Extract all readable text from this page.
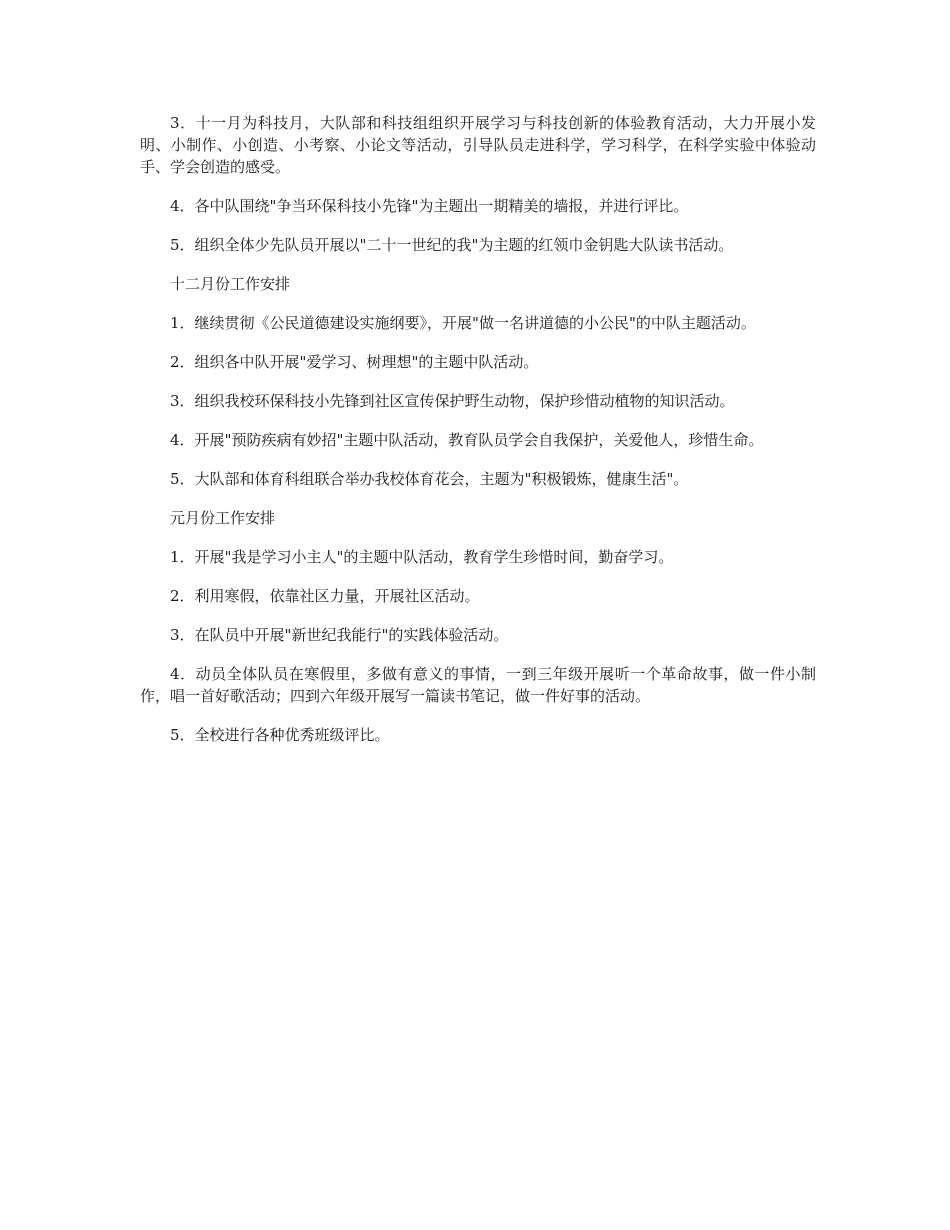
3．十一月为科技月，大队部和科技组组织开展学习与科技创新的体验教育活动，大力开展小发明、小制作、小创造、小考察、小论文等活动，引导队员走进科学，学习科学，在科学实验中体验动手、学会创造的感受。

4．各中队围绕"争当环保科技小先锋"为主题出一期精美的墙报，并进行评比。

5．组织全体少先队员开展以"二十一世纪的我"为主题的红领巾金钥匙大队读书活动。

十二月份工作安排

1．继续贯彻《公民道德建设实施纲要》，开展"做一名讲道德的小公民"的中队主题活动。

2．组织各中队开展"爱学习、树理想"的主题中队活动。

3．组织我校环保科技小先锋到社区宣传保护野生动物，保护珍惜动植物的知识活动。

4．开展"预防疾病有妙招"主题中队活动，教育队员学会自我保护，关爱他人，珍惜生命。

5．大队部和体育科组联合举办我校体育花会，主题为"积极锻炼，健康生活"。

元月份工作安排

1．开展"我是学习小主人"的主题中队活动，教育学生珍惜时间，勤奋学习。

2．利用寒假，依靠社区力量，开展社区活动。

3．在队员中开展"新世纪我能行"的实践体验活动。

4．动员全体队员在寒假里，多做有意义的事情，一到三年级开展听一个革命故事，做一件小制作，唱一首好歌活动；四到六年级开展写一篇读书笔记，做一件好事的活动。

5．全校进行各种优秀班级评比。
